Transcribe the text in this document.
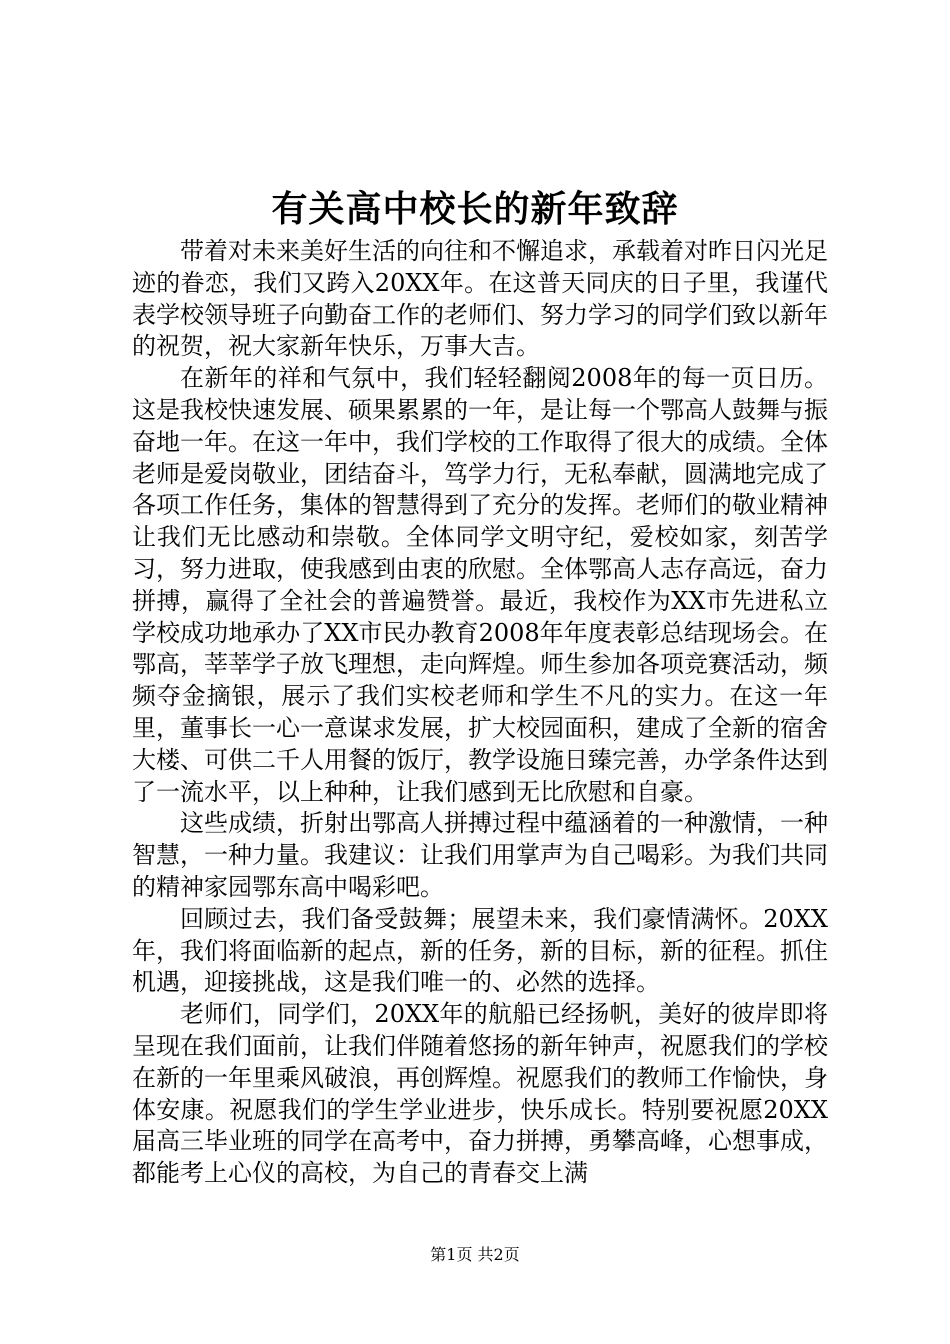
有关高中校长的新年致辞

带着对未来美好生活的向往和不懈追求，承载着对昨日闪光足迹的眷恋，我们又跨入20XX年。在这普天同庆的日子里，我谨代表学校领导班子向勤奋工作的老师们、努力学习的同学们致以新年的祝贺，祝大家新年快乐，万事大吉。

在新年的祥和气氛中，我们轻轻翻阅2008年的每一页日历。这是我校快速发展、硕果累累的一年，是让每一个鄂高人鼓舞与振奋地一年。在这一年中，我们学校的工作取得了很大的成绩。全体老师是爱岗敬业，团结奋斗，笃学力行，无私奉献，圆满地完成了各项工作任务，集体的智慧得到了充分的发挥。老师们的敬业精神让我们无比感动和崇敬。全体同学文明守纪，爱校如家，刻苦学习，努力进取，使我感到由衷的欣慰。全体鄂高人志存高远，奋力拼搏，赢得了全社会的普遍赞誉。最近，我校作为XX市先进私立学校成功地承办了XX市民办教育2008年年度表彰总结现场会。在鄂高，莘莘学子放飞理想，走向辉煌。师生参加各项竞赛活动，频频夺金摘银，展示了我们实校老师和学生不凡的实力。在这一年里，董事长一心一意谋求发展，扩大校园面积，建成了全新的宿舍大楼、可供二千人用餐的饭厅，教学设施日臻完善，办学条件达到了一流水平，以上种种，让我们感到无比欣慰和自豪。

这些成绩，折射出鄂高人拼搏过程中蕴涵着的一种激情，一种智慧，一种力量。我建议：让我们用掌声为自己喝彩。为我们共同的精神家园鄂东高中喝彩吧。

回顾过去，我们备受鼓舞；展望未来，我们豪情满怀。20XX年，我们将面临新的起点，新的任务，新的目标，新的征程。抓住机遇，迎接挑战，这是我们唯一的、必然的选择。

老师们，同学们，20XX年的航船已经扬帆，美好的彼岸即将呈现在我们面前，让我们伴随着悠扬的新年钟声，祝愿我们的学校在新的一年里乘风破浪，再创辉煌。祝愿我们的教师工作愉快，身体安康。祝愿我们的学生学业进步，快乐成长。特别要祝愿20XX届高三毕业班的同学在高考中，奋力拼搏，勇攀高峰，心想事成，都能考上心仪的高校，为自己的青春交上满

第1页 共2页
